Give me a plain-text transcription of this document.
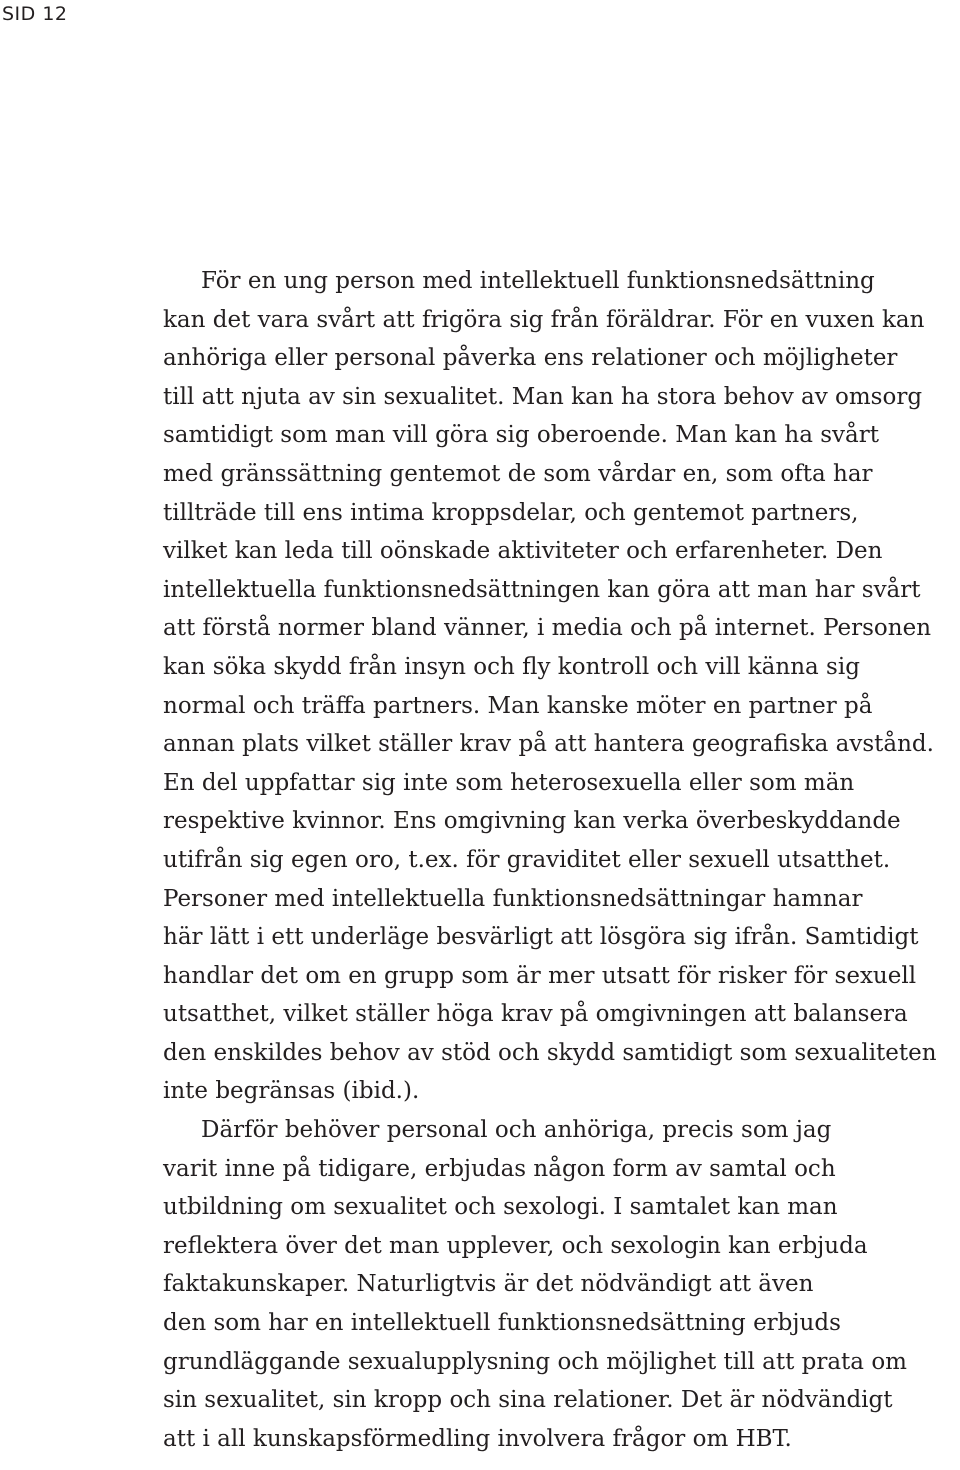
SID 12
För en ung person med intellektuell funktionsnedsättning
kan det vara svårt att frigöra sig från föräldrar. För en vuxen kan
anhöriga eller personal påverka ens relationer och möjligheter
till att njuta av sin sexualitet. Man kan ha stora behov av omsorg
samtidigt som man vill göra sig oberoende. Man kan ha svårt
med gränssättning gentemot de som vårdar en, som ofta har
tillträde till ens intima kroppsdelar, och gentemot partners,
vilket kan leda till oönskade aktiviteter och erfarenheter. Den
intellektuella funktionsnedsättningen kan göra att man har svårt
att förstå normer bland vänner, i media och på internet. Personen
kan söka skydd från insyn och fly kontroll och vill känna sig
normal och träffa partners. Man kanske möter en partner på
annan plats vilket ställer krav på att hantera geografiska avstånd.
En del uppfattar sig inte som heterosexuella eller som män
respektive kvinnor. Ens omgivning kan verka överbeskyddande
utifrån sig egen oro, t.ex. för graviditet eller sexuell utsatthet.
Personer med intellektuella funktionsnedsättningar hamnar
här lätt i ett underläge besvärligt att lösgöra sig ifrån. Samtidigt
handlar det om en grupp som är mer utsatt för risker för sexuell
utsatthet, vilket ställer höga krav på omgivningen att balansera
den enskildes behov av stöd och skydd samtidigt som sexualiteten
inte begränsas (ibid.).
Därför behöver personal och anhöriga, precis som jag
varit inne på tidigare, erbjudas någon form av samtal och
utbildning om sexualitet och sexologi. I samtalet kan man
reflektera över det man upplever, och sexologin kan erbjuda
faktakunskaper. Naturligtvis är det nödvändigt att även
den som har en intellektuell funktionsnedsättning erbjuds
grundläggande sexualupplysning och möjlighet till att prata om
sin sexualitet, sin kropp och sina relationer. Det är nödvändigt
att i all kunskapsförmedling involvera frågor om HBT.
